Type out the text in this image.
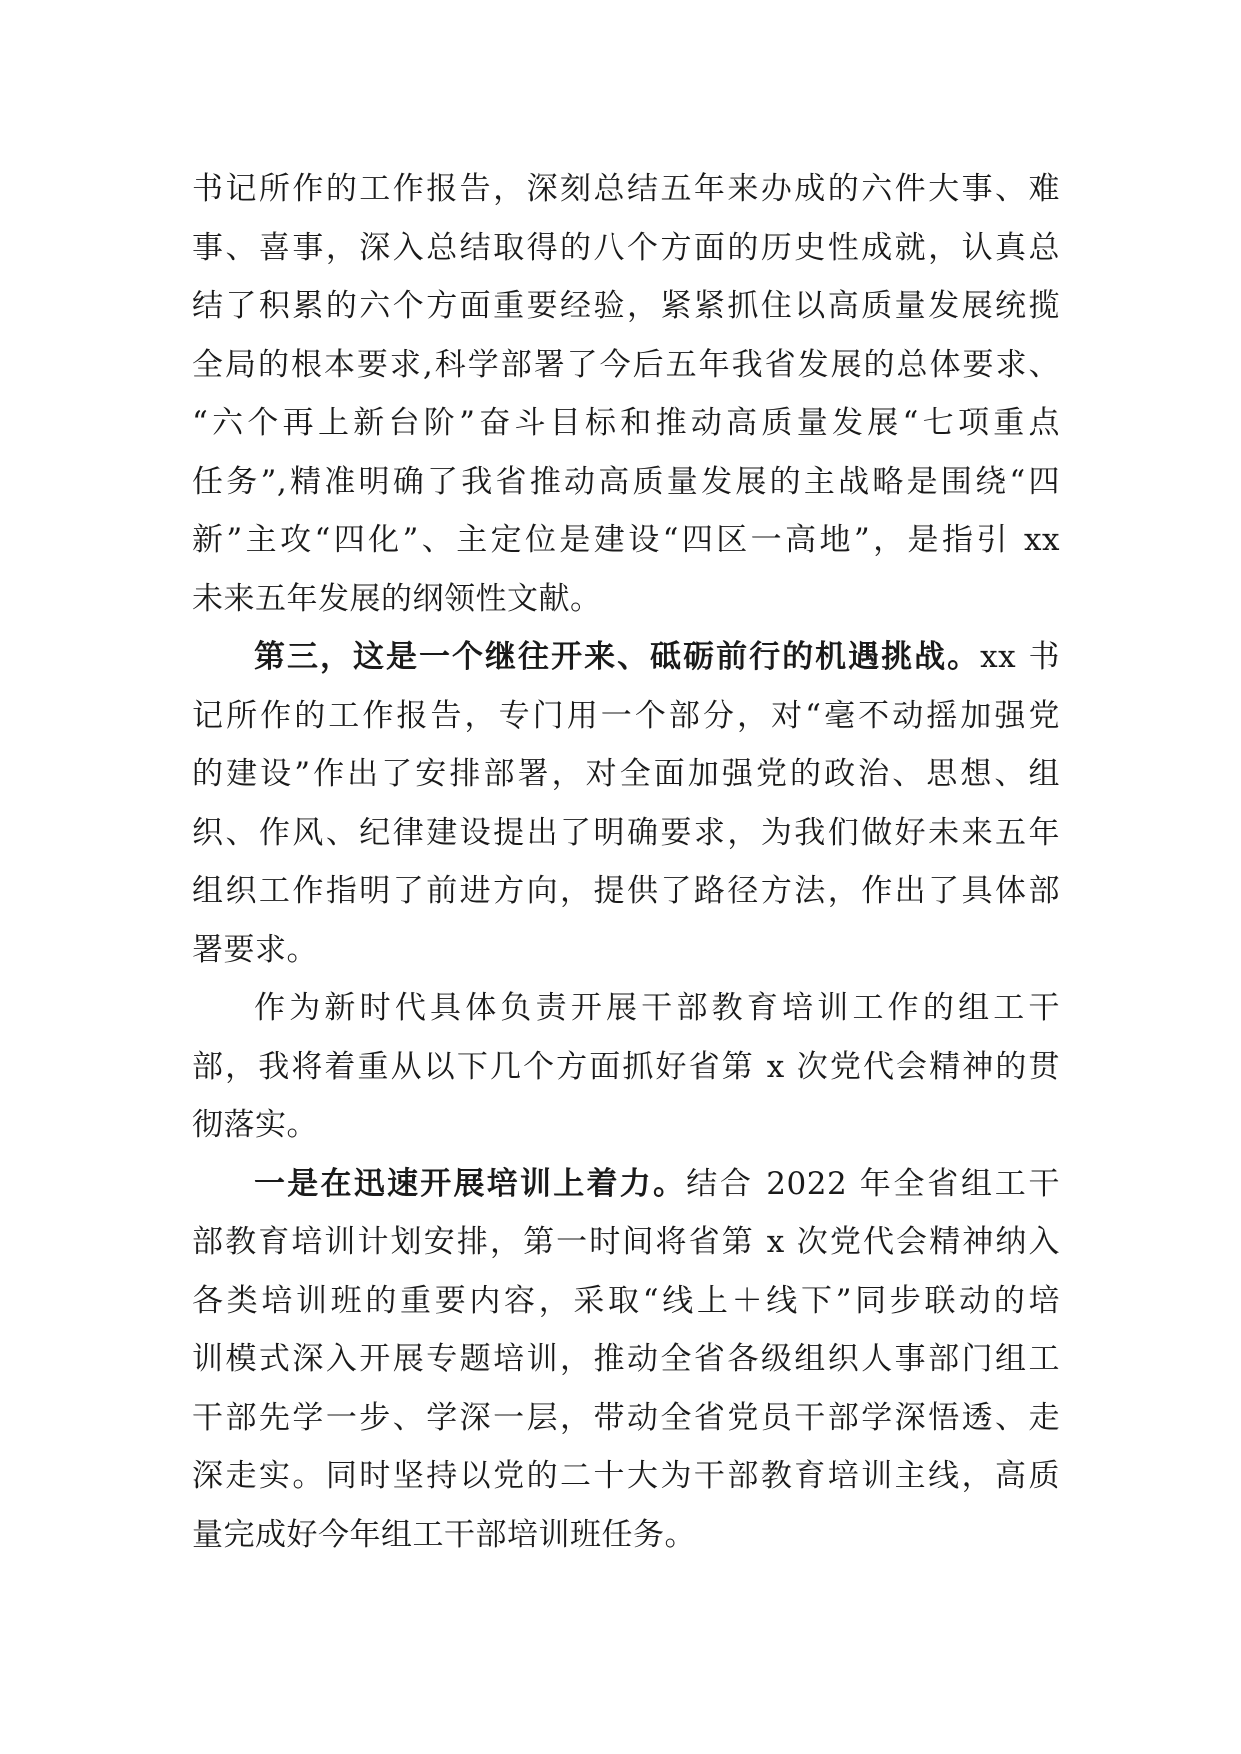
书记所作的工作报告，深刻总结五年来办成的六件大事、难
事、喜事，深入总结取得的八个方面的历史性成就，认真总
结了积累的六个方面重要经验，紧紧抓住以高质量发展统揽
全局的根本要求,科学部署了今后五年我省发展的总体要求、
“六个再上新台阶”奋斗目标和推动高质量发展“七项重点
任务”,精准明确了我省推动高质量发展的主战略是围绕“四
新”主攻“四化”、主定位是建设“四区一高地”，是指引 xx
未来五年发展的纲领性文献。

第三，这是一个继往开来、砥砺前行的机遇挑战。xx 书
记所作的工作报告，专门用一个部分，对“毫不动摇加强党
的建设”作出了安排部署，对全面加强党的政治、思想、组
织、作风、纪律建设提出了明确要求，为我们做好未来五年
组织工作指明了前进方向，提供了路径方法，作出了具体部
署要求。

作为新时代具体负责开展干部教育培训工作的组工干
部，我将着重从以下几个方面抓好省第 x 次党代会精神的贯
彻落实。

一是在迅速开展培训上着力。结合 2022 年全省组工干
部教育培训计划安排，第一时间将省第 x 次党代会精神纳入
各类培训班的重要内容，采取“线上＋线下”同步联动的培
训模式深入开展专题培训，推动全省各级组织人事部门组工
干部先学一步、学深一层，带动全省党员干部学深悟透、走
深走实。同时坚持以党的二十大为干部教育培训主线，高质
量完成好今年组工干部培训班任务。
